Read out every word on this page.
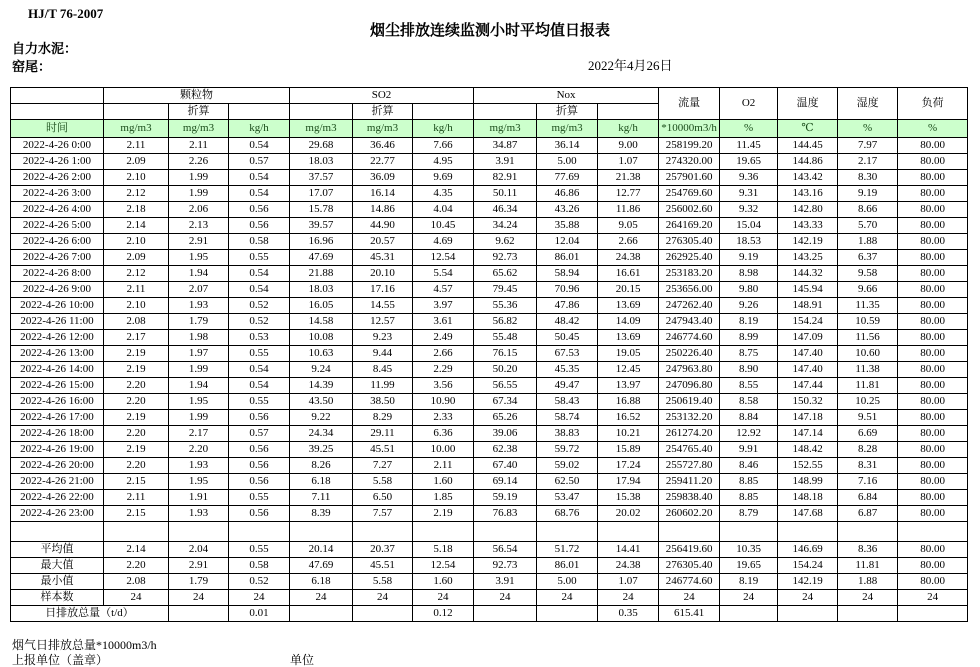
HJ/T 76-2007
烟尘排放连续监测小时平均值日报表
自力水泥：
窑尾：	2022年4月26日
	颗粒物			SO2			Nox			流量	O2	温度	湿度	负荷
		折算			折算			折算						
时间	mg/m3	mg/m3	kg/h	mg/m3	mg/m3	kg/h	mg/m3	mg/m3	kg/h	*10000m3/h	%	℃	%	%
2022-4-26 0:00	2.11	2.11	0.54	29.68	36.46	7.66	34.87	36.14	9.00	258199.20	11.45	144.45	7.97	80.00
2022-4-26 1:00	2.09	2.26	0.57	18.03	22.77	4.95	3.91	5.00	1.07	274320.00	19.65	144.86	2.17	80.00
2022-4-26 2:00	2.10	1.99	0.54	37.57	36.09	9.69	82.91	77.69	21.38	257901.60	9.36	143.42	8.30	80.00
2022-4-26 3:00	2.12	1.99	0.54	17.07	16.14	4.35	50.11	46.86	12.77	254769.60	9.31	143.16	9.19	80.00
2022-4-26 4:00	2.18	2.06	0.56	15.78	14.86	4.04	46.34	43.26	11.86	256002.60	9.32	142.80	8.66	80.00
2022-4-26 5:00	2.14	2.13	0.56	39.57	44.90	10.45	34.24	35.88	9.05	264169.20	15.04	143.33	5.70	80.00
2022-4-26 6:00	2.10	2.91	0.58	16.96	20.57	4.69	9.62	12.04	2.66	276305.40	18.53	142.19	1.88	80.00
2022-4-26 7:00	2.09	1.95	0.55	47.69	45.31	12.54	92.73	86.01	24.38	262925.40	9.19	143.25	6.37	80.00
2022-4-26 8:00	2.12	1.94	0.54	21.88	20.10	5.54	65.62	58.94	16.61	253183.20	8.98	144.32	9.58	80.00
2022-4-26 9:00	2.11	2.07	0.54	18.03	17.16	4.57	79.45	70.96	20.15	253656.00	9.80	145.94	9.66	80.00
2022-4-26 10:00	2.10	1.93	0.52	16.05	14.55	3.97	55.36	47.86	13.69	247262.40	9.26	148.91	11.35	80.00
2022-4-26 11:00	2.08	1.79	0.52	14.58	12.57	3.61	56.82	48.42	14.09	247943.40	8.19	154.24	10.59	80.00
2022-4-26 12:00	2.17	1.98	0.53	10.08	9.23	2.49	55.48	50.45	13.69	246774.60	8.99	147.09	11.56	80.00
2022-4-26 13:00	2.19	1.97	0.55	10.63	9.44	2.66	76.15	67.53	19.05	250226.40	8.75	147.40	10.60	80.00
2022-4-26 14:00	2.19	1.99	0.54	9.24	8.45	2.29	50.20	45.35	12.45	247963.80	8.90	147.40	11.38	80.00
2022-4-26 15:00	2.20	1.94	0.54	14.39	11.99	3.56	56.55	49.47	13.97	247096.80	8.55	147.44	11.81	80.00
2022-4-26 16:00	2.20	1.95	0.55	43.50	38.50	10.90	67.34	58.43	16.88	250619.40	8.58	150.32	10.25	80.00
2022-4-26 17:00	2.19	1.99	0.56	9.22	8.29	2.33	65.26	58.74	16.52	253132.20	8.84	147.18	9.51	80.00
2022-4-26 18:00	2.20	2.17	0.57	24.34	29.11	6.36	39.06	38.83	10.21	261274.20	12.92	147.14	6.69	80.00
2022-4-26 19:00	2.19	2.20	0.56	39.25	45.51	10.00	62.38	59.72	15.89	254765.40	9.91	148.42	8.28	80.00
2022-4-26 20:00	2.20	1.93	0.56	8.26	7.27	2.11	67.40	59.02	17.24	255727.80	8.46	152.55	8.31	80.00
2022-4-26 21:00	2.15	1.95	0.56	6.18	5.58	1.60	69.14	62.50	17.94	259411.20	8.85	148.99	7.16	80.00
2022-4-26 22:00	2.11	1.91	0.55	7.11	6.50	1.85	59.19	53.47	15.38	259838.40	8.85	148.18	6.84	80.00
2022-4-26 23:00	2.15	1.93	0.56	8.39	7.57	2.19	76.83	68.76	20.02	260602.20	8.79	147.68	6.87	80.00

平均值	2.14	2.04	0.55	20.14	20.37	5.18	56.54	51.72	14.41	256419.60	10.35	146.69	8.36	80.00
最大值	2.20	2.91	0.58	47.69	45.51	12.54	92.73	86.01	24.38	276305.40	19.65	154.24	11.81	80.00
最小值	2.08	1.79	0.52	6.18	5.58	1.60	3.91	5.00	1.07	246774.60	8.19	142.19	1.88	80.00
样本数	24	24	24	24	24	24	24	24	24	24	24	24	24	24
日排放总量（t/d）			0.01			0.12			0.35	615.41				
烟气日排放总量*10000m3/h
上报单位（盖章）	单位
